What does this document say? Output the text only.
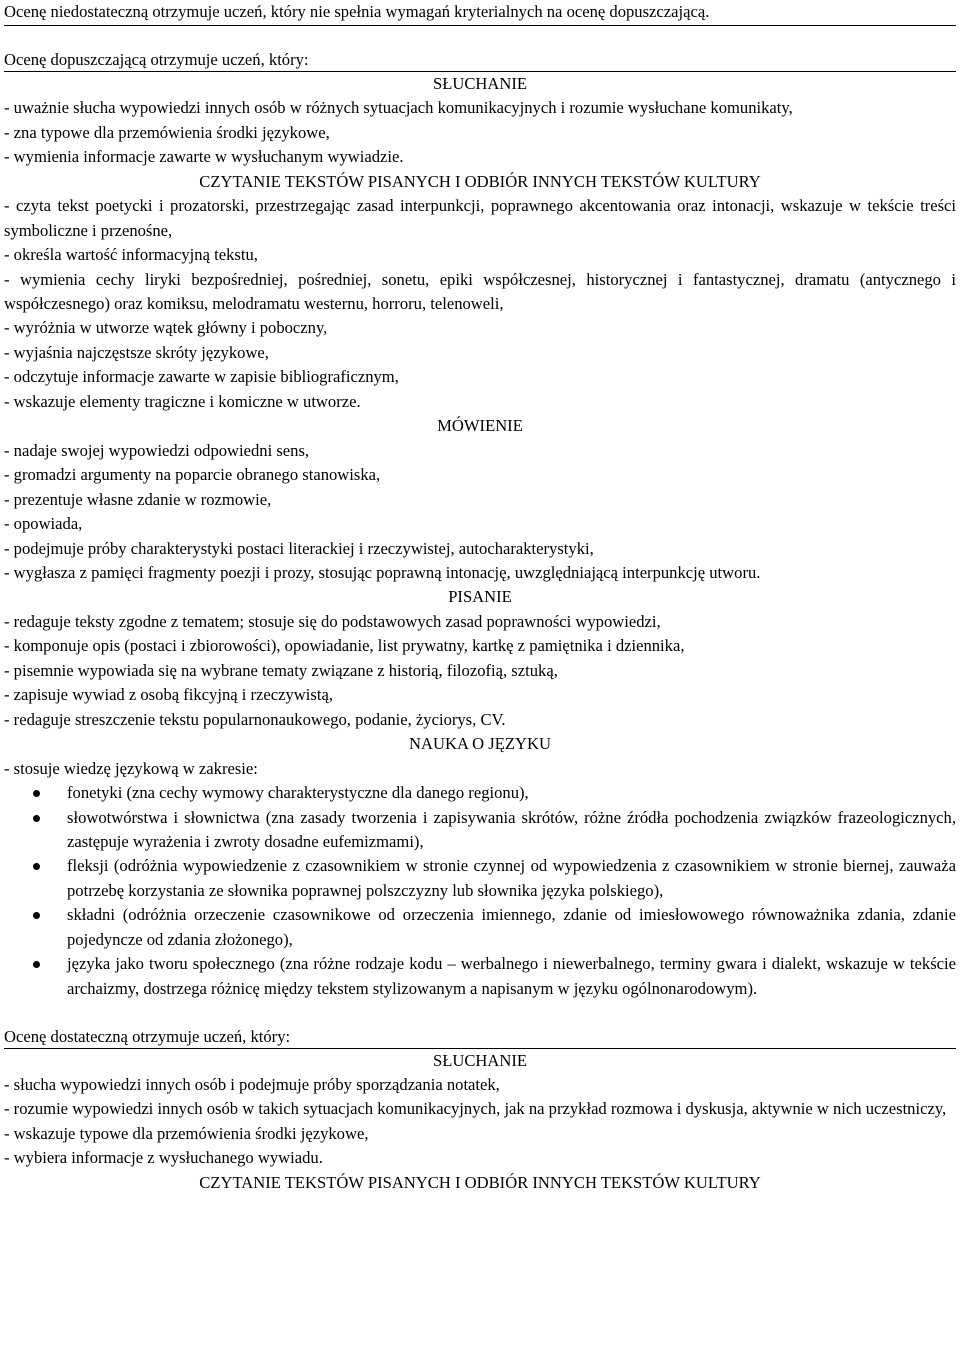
Ocenę niedostateczną otrzymuje uczeń, który nie spełnia wymagań kryterialnych na ocenę dopuszczającą.

Ocenę dopuszczającą otrzymuje uczeń, który:

SŁUCHANIE

- uważnie słucha wypowiedzi innych osób w różnych sytuacjach komunikacyjnych i rozumie wysłuchane komunikaty,

- zna typowe dla przemówienia środki językowe,

- wymienia informacje zawarte w wysłuchanym wywiadzie.

CZYTANIE TEKSTÓW PISANYCH I ODBIÓR INNYCH TEKSTÓW KULTURY

- czyta tekst poetycki i prozatorski, przestrzegając zasad interpunkcji, poprawnego akcentowania oraz intonacji, wskazuje w tekście treści symboliczne i przenośne,

- określa wartość informacyjną tekstu,

- wymienia cechy liryki bezpośredniej, pośredniej, sonetu, epiki współczesnej, historycznej i fantastycznej, dramatu (antycznego i współczesnego) oraz komiksu, melodramatu westernu, horroru, telenoweli,

- wyróżnia w utworze wątek główny i poboczny,

- wyjaśnia najczęstsze skróty językowe,

- odczytuje informacje zawarte w zapisie bibliograficznym,

- wskazuje elementy tragiczne i komiczne w utworze.

MÓWIENIE

- nadaje swojej wypowiedzi odpowiedni sens,

- gromadzi argumenty na poparcie obranego stanowiska,

- prezentuje własne zdanie w rozmowie,

- opowiada,

- podejmuje próby charakterystyki postaci literackiej i rzeczywistej, autocharakterystyki,

- wygłasza z pamięci fragmenty poezji i prozy, stosując poprawną intonację, uwzględniającą interpunkcję utworu.

PISANIE

- redaguje teksty zgodne z tematem; stosuje się do podstawowych zasad poprawności wypowiedzi,

- komponuje opis (postaci i zbiorowości), opowiadanie, list prywatny, kartkę z pamiętnika i dziennika,

- pisemnie wypowiada się na wybrane tematy związane z historią, filozofią, sztuką,

- zapisuje wywiad z osobą fikcyjną i rzeczywistą,

- redaguje streszczenie tekstu popularnonaukowego, podanie, życiorys, CV.

NAUKA O JĘZYKU

- stosuje wiedzę językową w zakresie:

fonetyki (zna cechy wymowy charakterystyczne dla danego regionu),
słowotwórstwa i słownictwa (zna zasady tworzenia i zapisywania skrótów, różne źródła pochodzenia związków frazeologicznych, zastępuje wyrażenia i zwroty dosadne eufemizmami),
fleksji (odróżnia wypowiedzenie z czasownikiem w stronie czynnej od wypowiedzenia z czasownikiem w stronie biernej, zauważa potrzebę korzystania ze słownika poprawnej polszczyzny lub słownika języka polskiego),
składni (odróżnia orzeczenie czasownikowe od orzeczenia imiennego, zdanie od imiesłowowego równoważnika zdania, zdanie pojedyncze od zdania złożonego),
języka jako tworu społecznego (zna różne rodzaje kodu – werbalnego i niewerbalnego, terminy gwara i dialekt, wskazuje w tekście archaizmy, dostrzega różnicę między tekstem stylizowanym a napisanym w języku ogólnonarodowym).

Ocenę dostateczną otrzymuje uczeń, który:

SŁUCHANIE

- słucha wypowiedzi innych osób i podejmuje próby sporządzania notatek,

- rozumie wypowiedzi innych osób w takich sytuacjach komunikacyjnych, jak na przykład rozmowa i dyskusja, aktywnie w nich uczestniczy,

- wskazuje typowe dla przemówienia środki językowe,

- wybiera informacje z wysłuchanego wywiadu.

CZYTANIE TEKSTÓW PISANYCH I ODBIÓR INNYCH TEKSTÓW KULTURY
